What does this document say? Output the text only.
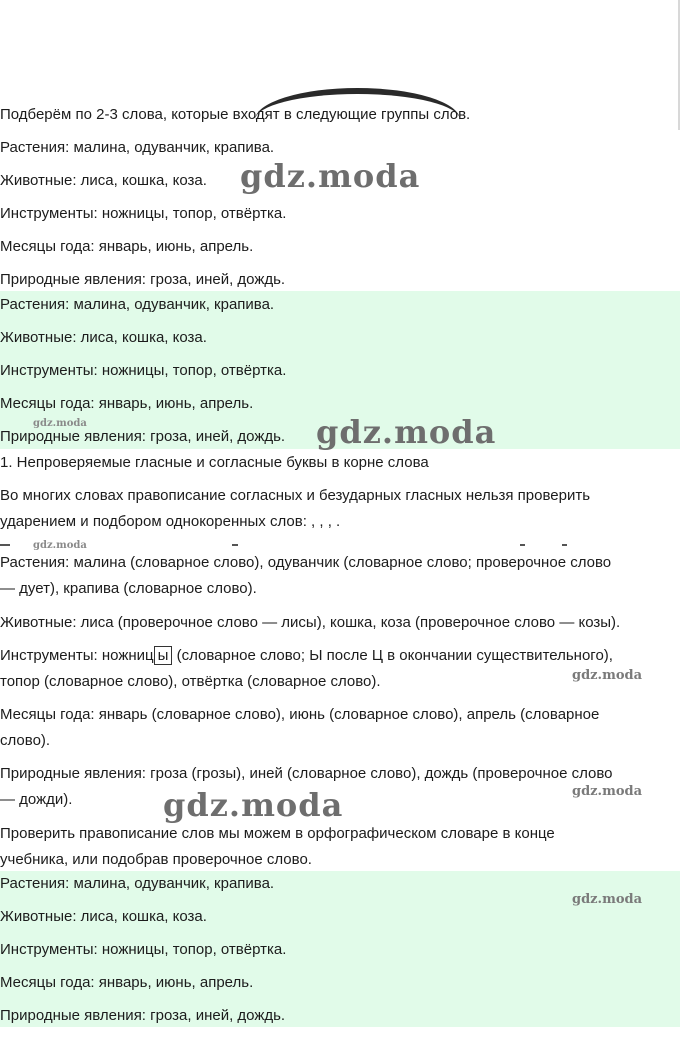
Подберём по 2-3 слова, которые входят в следующие группы слов.
Растения: малина, одуванчик, крапива.
Животные: лиса, кошка, коза.
Инструменты: ножницы, топор, отвёртка.
Месяцы года: январь, июнь, апрель.
Природные явления: гроза, иней, дождь.
Растения: малина, одуванчик, крапива.
Животные: лиса, кошка, коза.
Инструменты: ножницы, топор, отвёртка.
Месяцы года: январь, июнь, апрель.
Природные явления: гроза, иней, дождь.
1. Непроверяемые гласные и согласные буквы в корне слова
Во многих словах правописание согласных и безударных гласных нельзя проверить
ударением и подбором однокоренных слов: , , , .
Растения: малина (словарное слово), одуванчик (словарное слово; проверочное слово
— дует), крапива (словарное слово).
Животные: лиса (проверочное слово — лисы), кошка, коза (проверочное слово — козы).
Инструменты: ножниц ы (словарное слово; Ы после Ц в окончании существительного),
топор (словарное слово), отвёртка (словарное слово).
Месяцы года: январь (словарное слово), июнь (словарное слово), апрель (словарное
слово).
Природные явления: гроза (грозы), иней (словарное слово), дождь (проверочное слово
— дожди).
Проверить правописание слов мы можем в орфографическом словаре в конце
учебника, или подобрав проверочное слово.
Растения: малина, одуванчик, крапива.
Животные: лиса, кошка, коза.
Инструменты: ножницы, топор, отвёртка.
Месяцы года: январь, июнь, апрель.
Природные явления: гроза, иней, дождь.
gdz.moda
gdz.moda	gdz.moda
gdz.moda
gdz.moda
gdz.moda	gdz.moda
gdz.moda
